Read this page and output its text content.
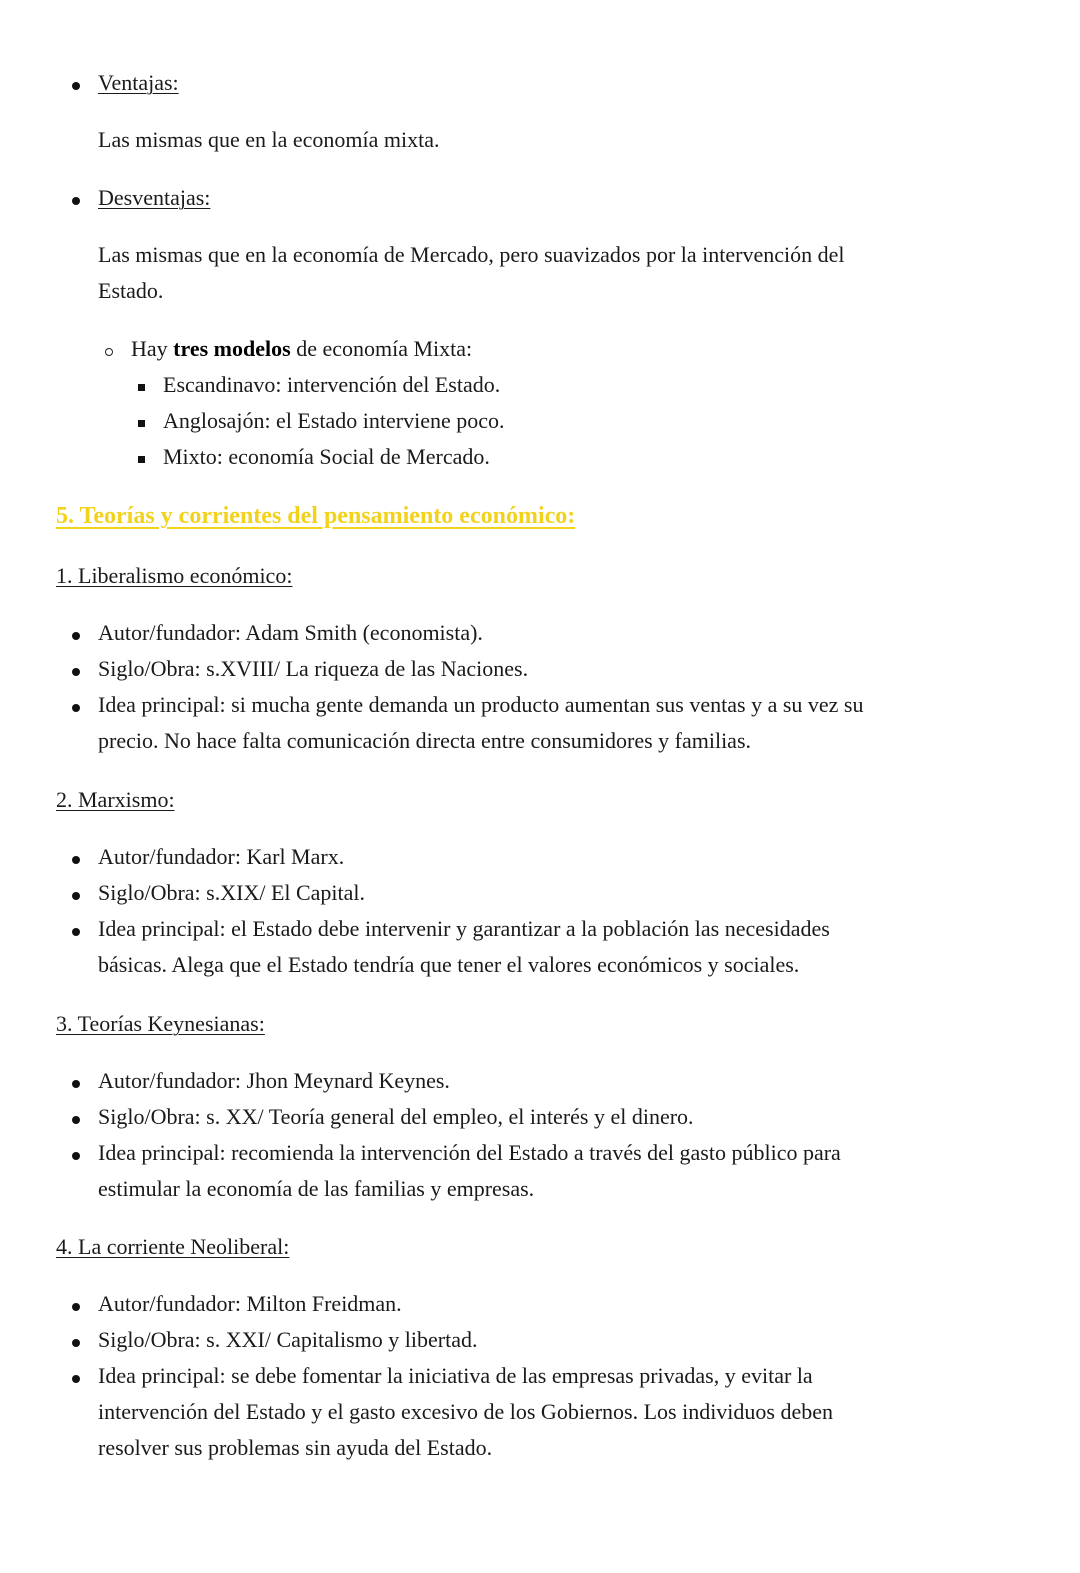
Ventajas:
Las mismas que en la economía mixta.
Desventajas:
Las mismas que en la economía de Mercado, pero suavizados por la intervención del
Estado.
Hay tres modelos de economía Mixta:
Escandinavo: intervención del Estado.
Anglosajón: el Estado interviene poco.
Mixto: economía Social de Mercado.
5. Teorías y corrientes del pensamiento económico:
1. Liberalismo económico:
Autor/fundador: Adam Smith (economista).
Siglo/Obra: s.XVIII/ La riqueza de las Naciones.
Idea principal: si mucha gente demanda un producto aumentan sus ventas y a su vez su
precio. No hace falta comunicación directa entre consumidores y familias.
2. Marxismo:
Autor/fundador: Karl Marx.
Siglo/Obra: s.XIX/ El Capital.
Idea principal: el Estado debe intervenir y garantizar a la población las necesidades
básicas. Alega que el Estado tendría que tener el valores económicos y sociales.
3. Teorías Keynesianas:
Autor/fundador: Jhon Meynard Keynes.
Siglo/Obra: s. XX/ Teoría general del empleo, el interés y el dinero.
Idea principal: recomienda la intervención del Estado a través del gasto público para
estimular la economía de las familias y empresas.
4. La corriente Neoliberal:
Autor/fundador: Milton Freidman.
Siglo/Obra: s. XXI/ Capitalismo y libertad.
Idea principal: se debe fomentar la iniciativa de las empresas privadas, y evitar la
intervención del Estado y el gasto excesivo de los Gobiernos. Los individuos deben
resolver sus problemas sin ayuda del Estado.
